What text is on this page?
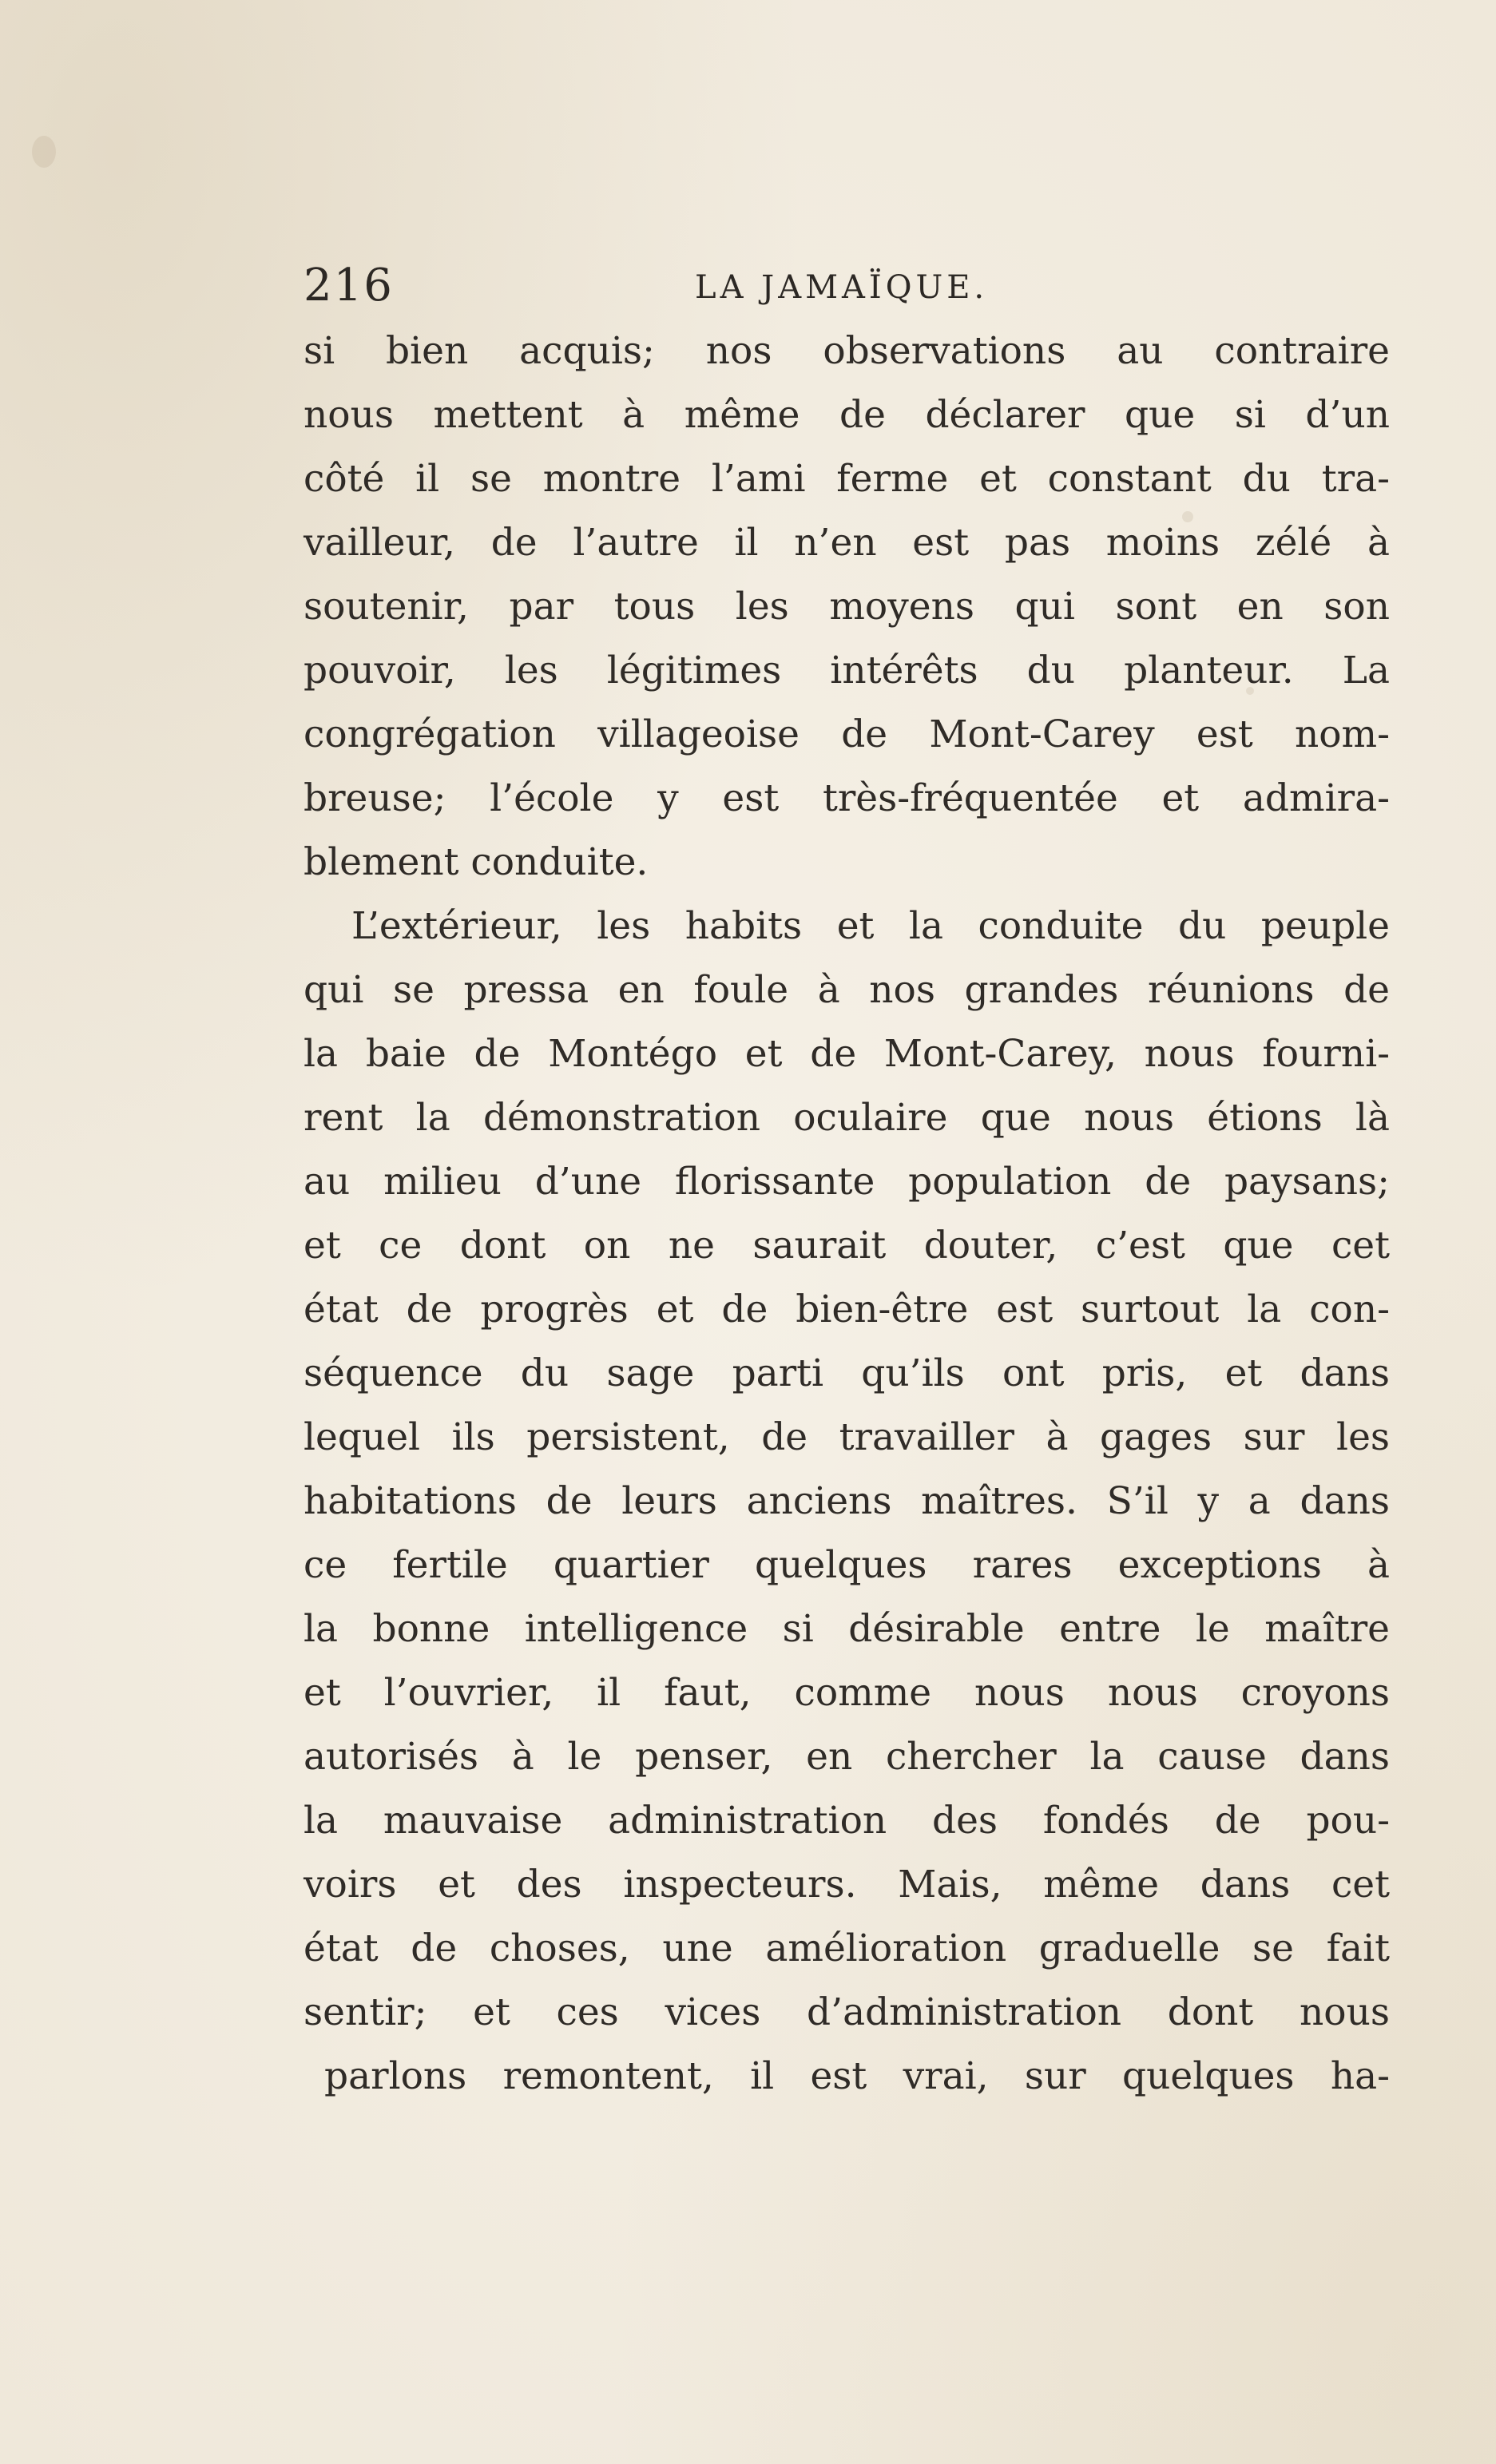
216	LA JAMAÏQUE.
si bien acquis; nos observations au contraire
nous mettent à même de déclarer que si d’un
côté il se montre l’ami ferme et constant du tra-
vailleur, de l’autre il n’en est pas moins zélé à
soutenir, par tous les moyens qui sont en son
pouvoir, les légitimes intérêts du planteur. La
congrégation villageoise de Mont-Carey est nom-
breuse; l’école y est très-fréquentée et admira-
blement conduite.
L’extérieur, les habits et la conduite du peuple
qui se pressa en foule à nos grandes réunions de
la baie de Montégo et de Mont-Carey, nous fourni-
rent la démonstration oculaire que nous étions là
au milieu d’une florissante population de paysans;
et ce dont on ne saurait douter, c’est que cet
état de progrès et de bien-être est surtout la con-
séquence du sage parti qu’ils ont pris, et dans
lequel ils persistent, de travailler à gages sur les
habitations de leurs anciens maîtres. S’il y a dans
ce fertile quartier quelques rares exceptions à
la bonne intelligence si désirable entre le maître
et l’ouvrier, il faut, comme nous nous croyons
autorisés à le penser, en chercher la cause dans
la mauvaise administration des fondés de pou-
voirs et des inspecteurs. Mais, même dans cet
état de choses, une amélioration graduelle se fait
sentir; et ces vices d’administration dont nous
parlons remontent, il est vrai, sur quelques ha-
